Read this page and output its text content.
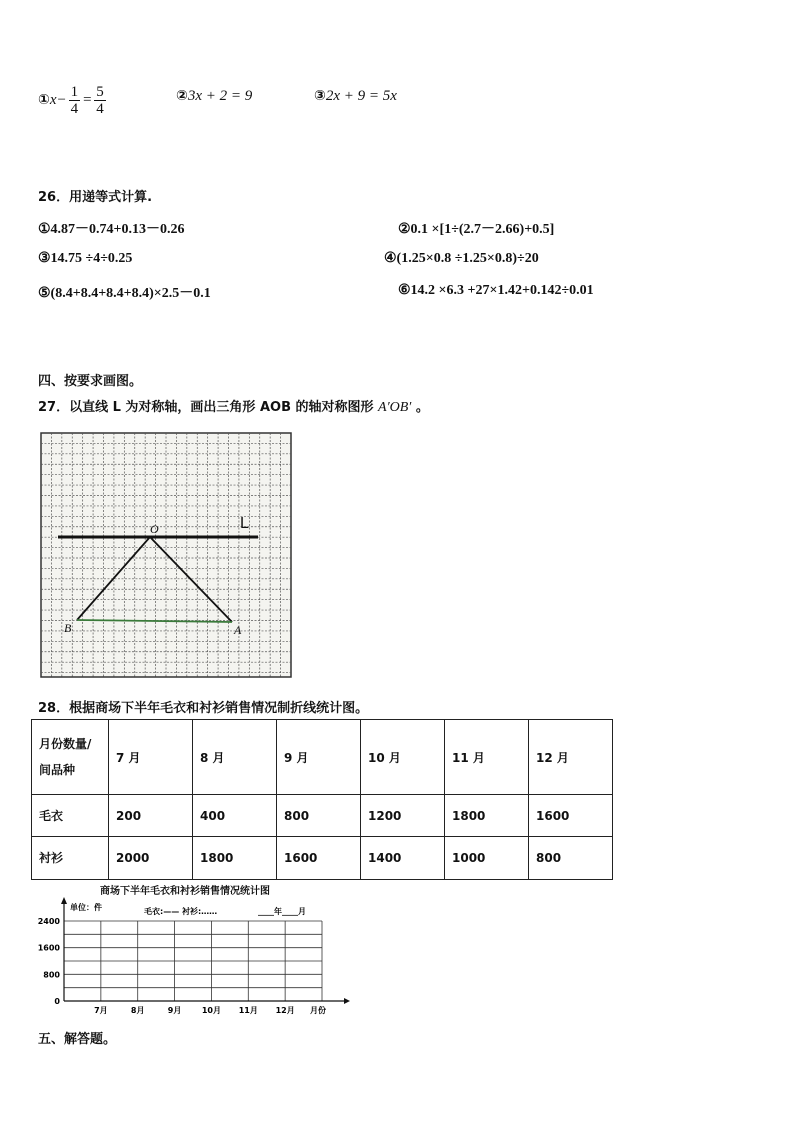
①x− $\frac{1}{4} = \frac{5}{4}$	②3x + 2 = 9	③2x + 9 = 5x
26．用递等式计算.
①4.87－0.74+0.13－0.26	②0.1 ×[1÷(2.7－2.66)+0.5]
③14.75 ÷4÷0.25	④(1.25×0.8 ÷1.25×0.8)÷20
⑤(8.4+8.4+8.4+8.4)×2.5－0.1	⑥14.2 ×6.3 +27×1.42+0.142÷0.01
四、按要求画图。
27．以直线 L 为对称轴，画出三角形 AOB 的轴对称图形 A′OB′ 。
L
O
A
B
28．根据商场下半年毛衣和衬衫销售情况制折线统计图。
月份数量/
间品种	7 月	8 月	9 月	10 月	11 月	12 月
毛衣	200	400	800	1200	1800	1600
衬衫	2000	1800	1600	1400	1000	800
商场下半年毛衣和衬衫销售情况统计图
单位：件	毛衣:—— 衬衫:……	____年____月
0
800
1600
2400
7月	8月	9月	10月 11月 12月 月份
五、解答题。
